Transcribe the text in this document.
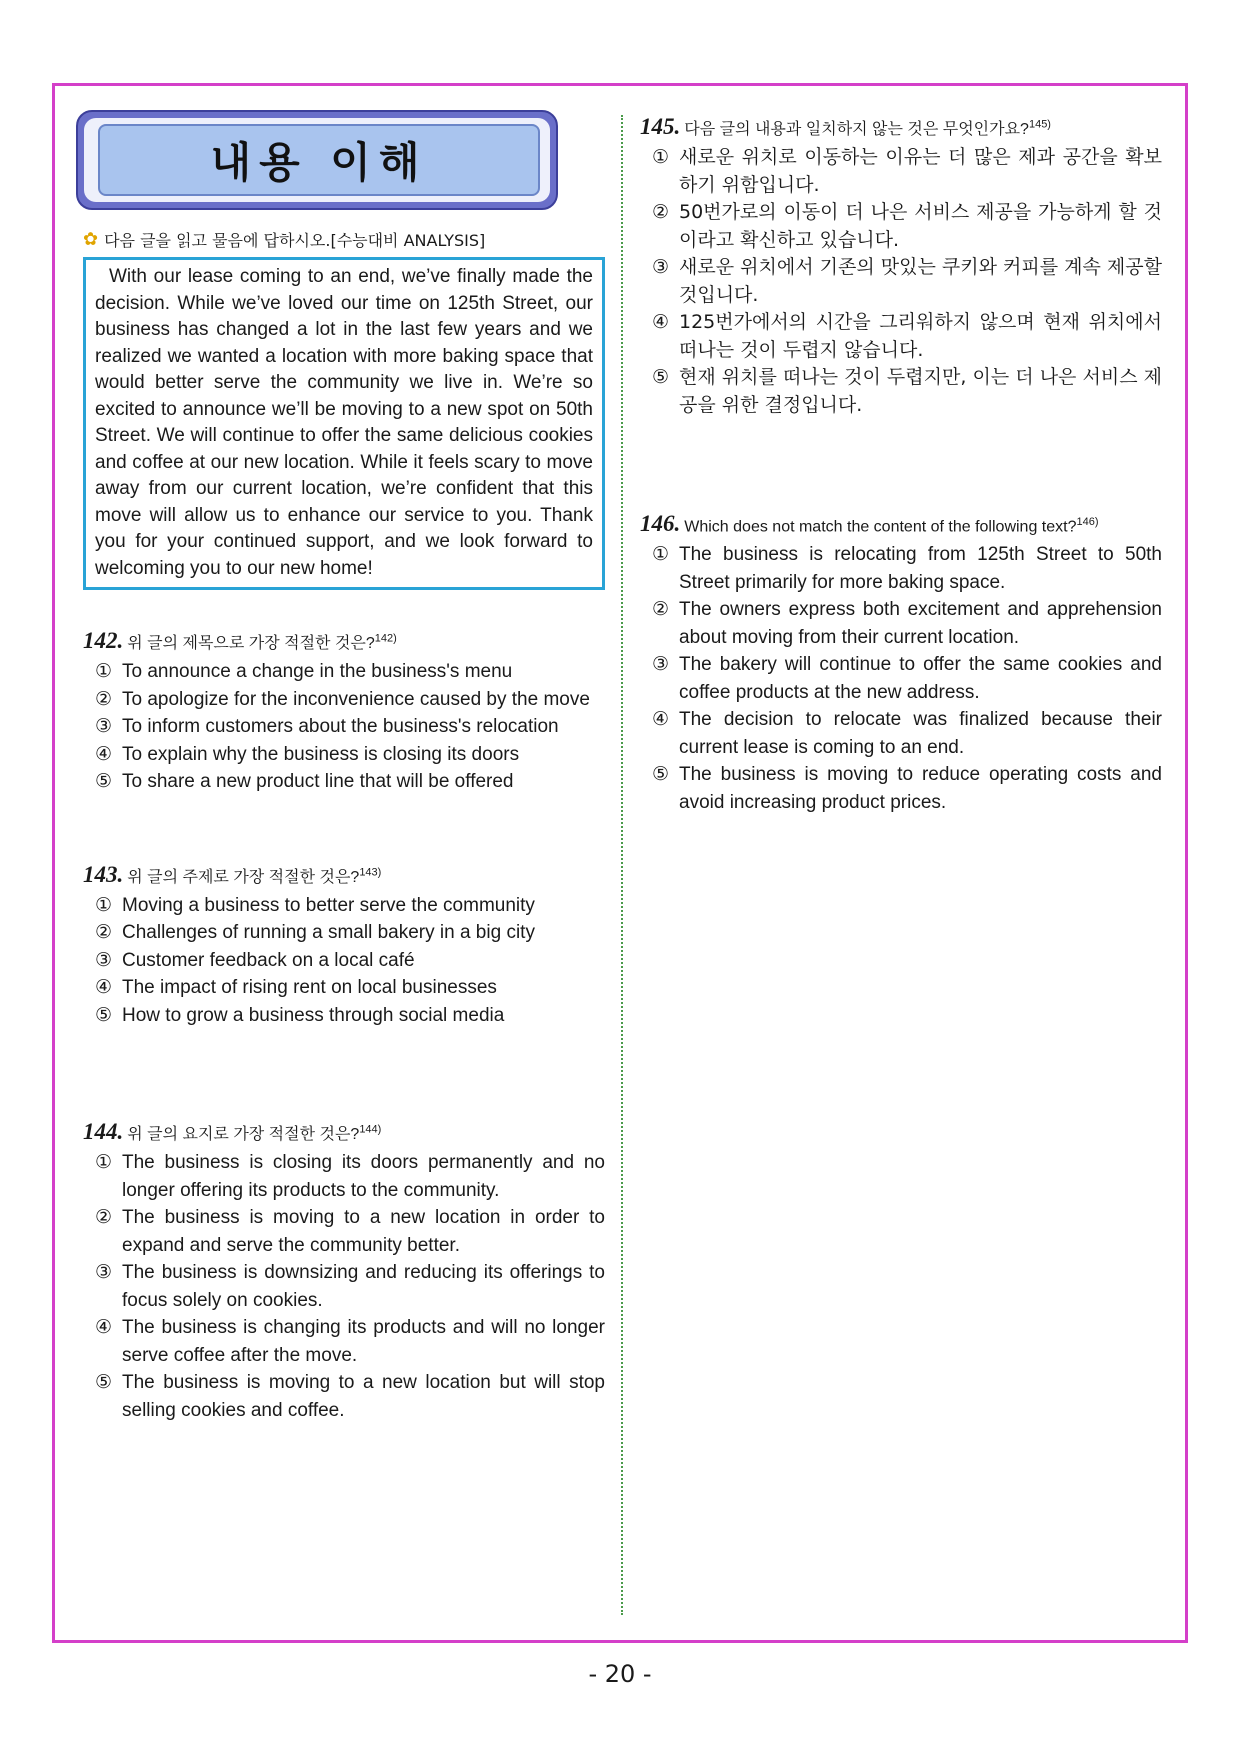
내용 이해
✿ 다음 글을 읽고 물음에 답하시오.[수능대비 ANALYSIS]
With our lease coming to an end, we’ve finally made the decision. While we’ve loved our time on 125th Street, our business has changed a lot in the last few years and we realized we wanted a location with more baking space that would better serve the community we live in. We’re so excited to announce we’ll be moving to a new spot on 50th Street. We will continue to offer the same delicious cookies and coffee at our new location. While it feels scary to move away from our current location, we’re confident that this move will allow us to enhance our service to you. Thank you for your continued support, and we look forward to welcoming you to our new home!
142. 위 글의 제목으로 가장 적절한 것은?$^{142)}$
① To announce a change in the business's menu
② To apologize for the inconvenience caused by the move
③ To inform customers about the business's relocation
④ To explain why the business is closing its doors
⑤ To share a new product line that will be offered
143. 위 글의 주제로 가장 적절한 것은?$^{143)}$
① Moving a business to better serve the community
② Challenges of running a small bakery in a big city
③ Customer feedback on a local café
④ The impact of rising rent on local businesses
⑤ How to grow a business through social media
144. 위 글의 요지로 가장 적절한 것은?$^{144)}$
① The business is closing its doors permanently and no longer offering its products to the community.
② The business is moving to a new location in order to expand and serve the community better.
③ The business is downsizing and reducing its offerings to focus solely on cookies.
④ The business is changing its products and will no longer serve coffee after the move.
⑤ The business is moving to a new location but will stop selling cookies and coffee.
145. 다음 글의 내용과 일치하지 않는 것은 무엇인가요?$^{145)}$
① 새로운 위치로 이동하는 이유는 더 많은 제과 공간을 확보하기 위함입니다.
② 50번가로의 이동이 더 나은 서비스 제공을 가능하게 할 것이라고 확신하고 있습니다.
③ 새로운 위치에서 기존의 맛있는 쿠키와 커피를 계속 제공할 것입니다.
④ 125번가에서의 시간을 그리워하지 않으며 현재 위치에서 떠나는 것이 두렵지 않습니다.
⑤ 현재 위치를 떠나는 것이 두렵지만, 이는 더 나은 서비스 제공을 위한 결정입니다.
146. Which does not match the content of the following text?$^{146)}$
① The business is relocating from 125th Street to 50th Street primarily for more baking space.
② The owners express both excitement and apprehension about moving from their current location.
③ The bakery will continue to offer the same cookies and coffee products at the new address.
④ The decision to relocate was finalized because their current lease is coming to an end.
⑤ The business is moving to reduce operating costs and avoid increasing product prices.
- 20 -
